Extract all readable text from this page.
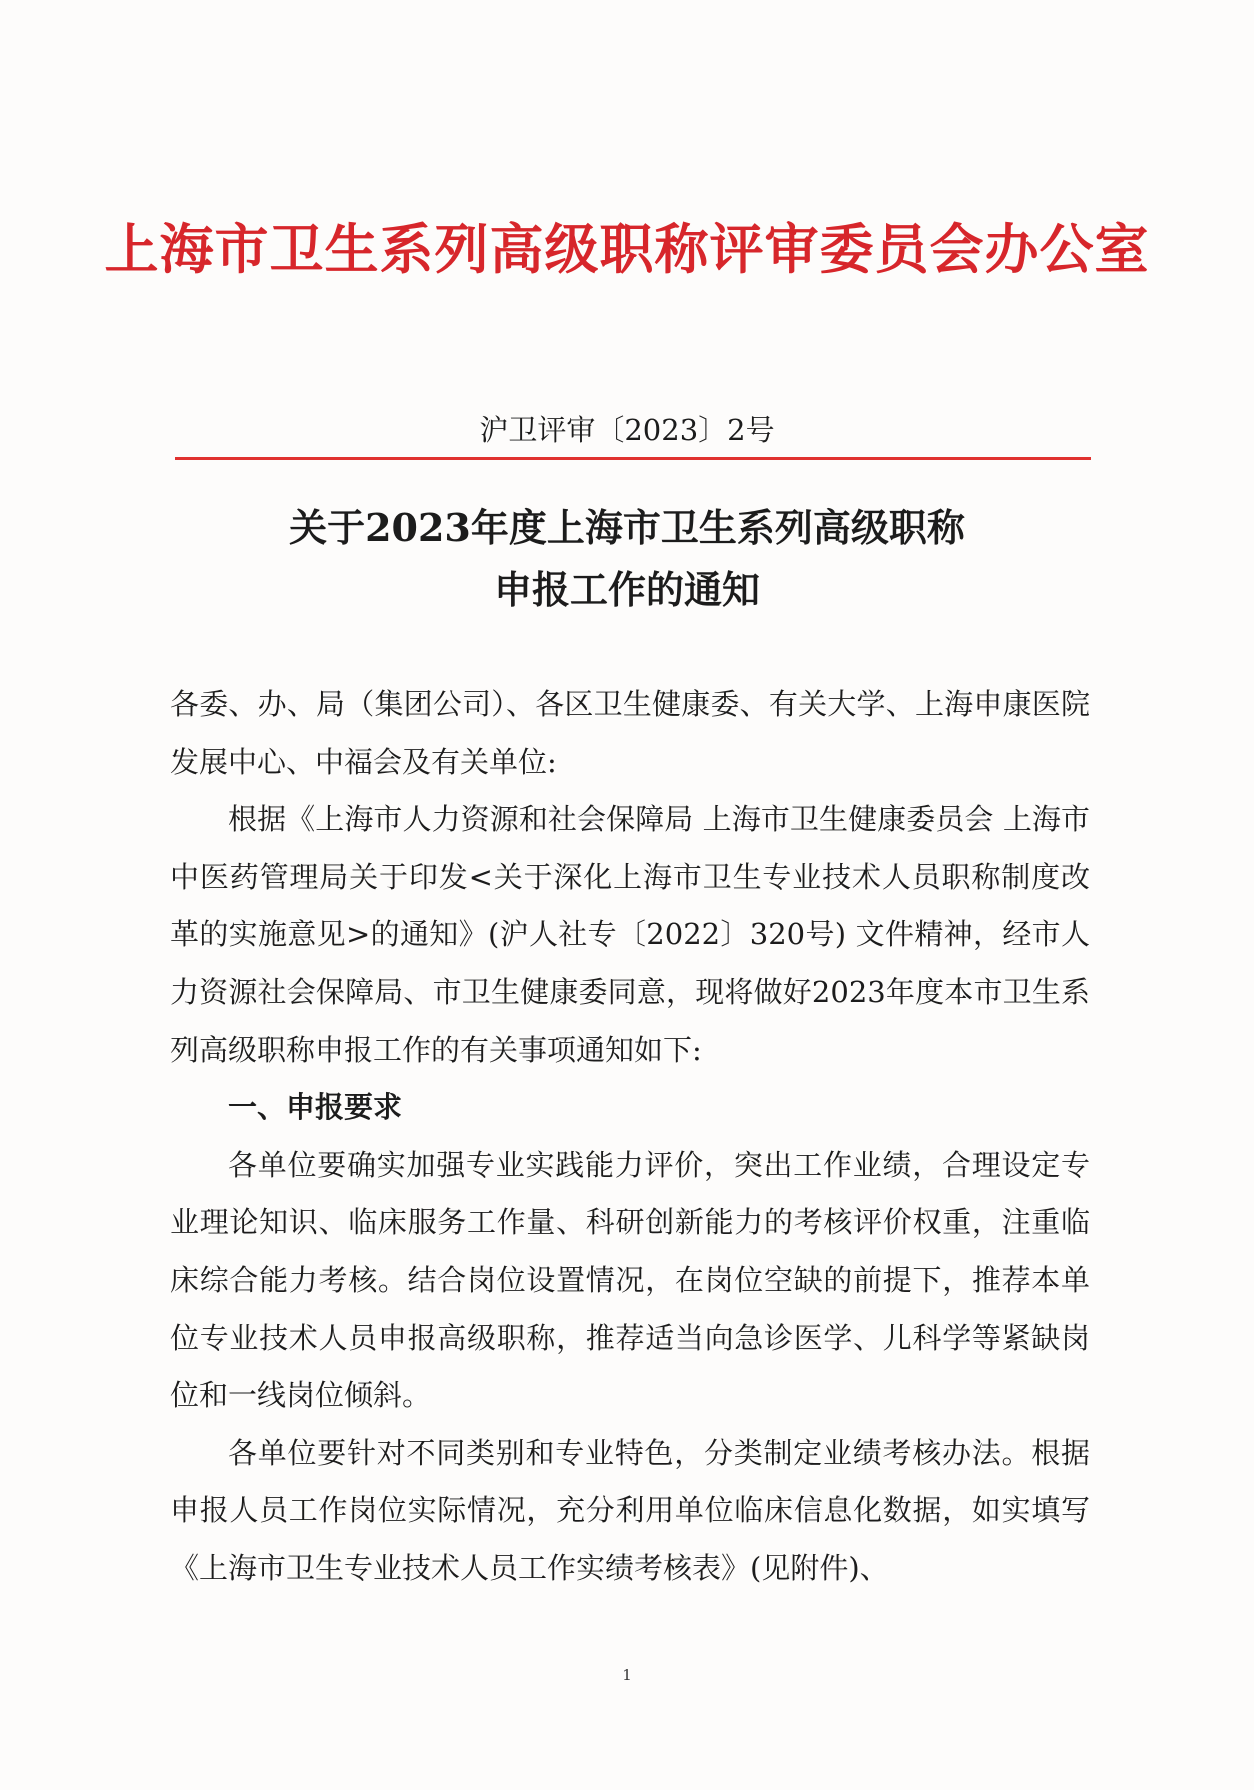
上海市卫生系列高级职称评审委员会办公室
沪卫评审〔2023〕2号
关于2023年度上海市卫生系列高级职称
申报工作的通知

各委、办、局（集团公司）、各区卫生健康委、有关大学、上海申康医院发展中心、中福会及有关单位:

根据《上海市人力资源和社会保障局 上海市卫生健康委员会 上海市中医药管理局关于印发<关于深化上海市卫生专业技术人员职称制度改革的实施意见>的通知》(沪人社专〔2022〕320号) 文件精神，经市人力资源社会保障局、市卫生健康委同意，现将做好2023年度本市卫生系列高级职称申报工作的有关事项通知如下:

一、申报要求

各单位要确实加强专业实践能力评价，突出工作业绩，合理设定专业理论知识、临床服务工作量、科研创新能力的考核评价权重，注重临床综合能力考核。结合岗位设置情况，在岗位空缺的前提下，推荐本单位专业技术人员申报高级职称，推荐适当向急诊医学、儿科学等紧缺岗位和一线岗位倾斜。

各单位要针对不同类别和专业特色，分类制定业绩考核办法。根据申报人员工作岗位实际情况，充分利用单位临床信息化数据，如实填写《上海市卫生专业技术人员工作实绩考核表》(见附件)、

1
